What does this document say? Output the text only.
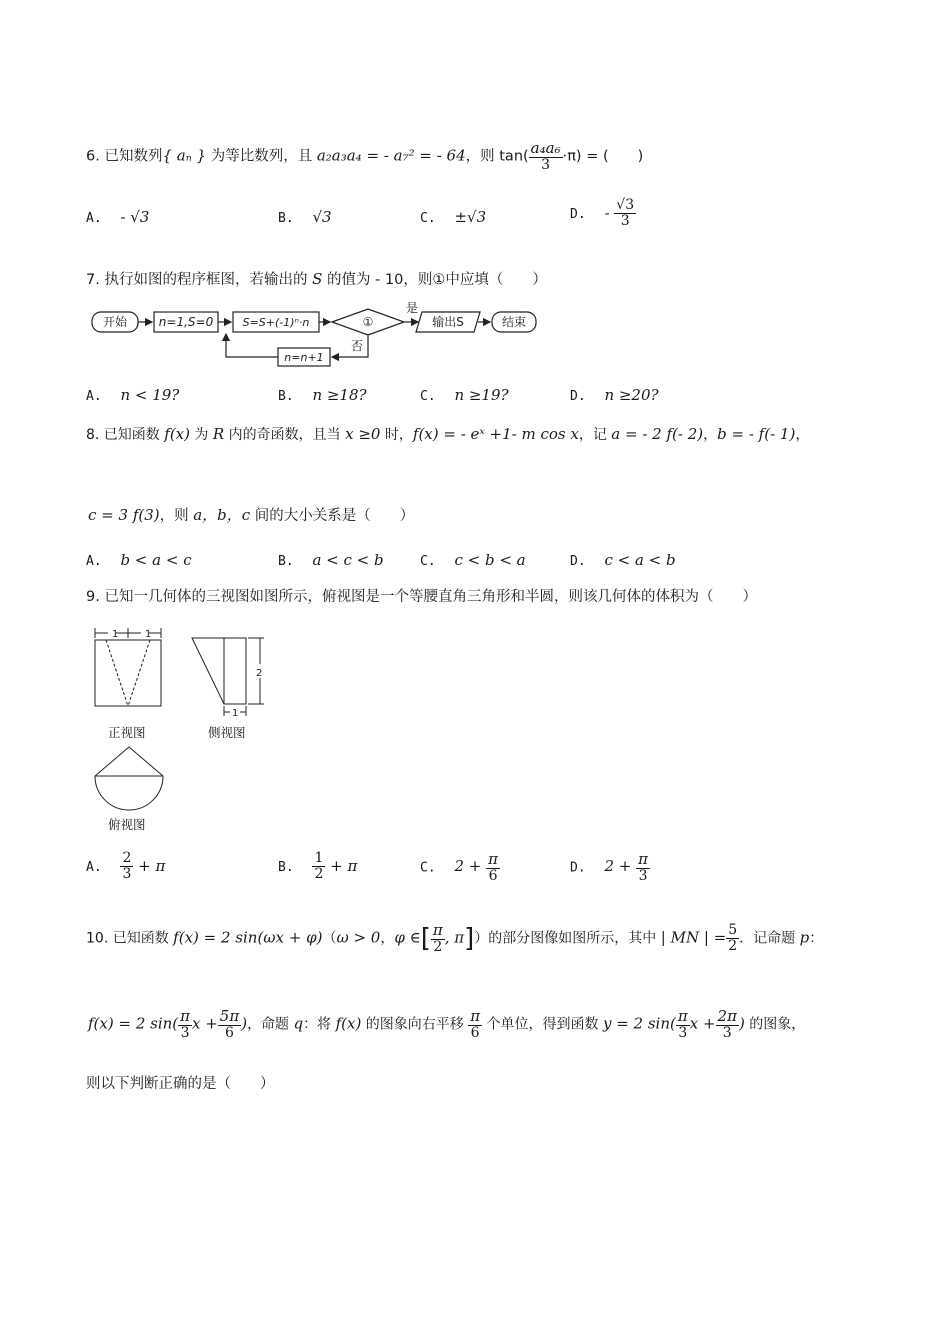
6. 已知数列{ aₙ } 为等比数列，且 a₂a₃a₄ = - a₇² = - 64，则 $\tan( \frac{\text{a₄a₆}}{3} \cdot\pi)$ = (　　)
A. - √3	B. √3	C. ±√3	D. - $\frac{√3}{3}$
7. 执行如图的程序框图，若输出的 S 的值为 - 10，则①中应填（　　）
开始	n=1,S=0	S=S+(-1)ⁿ·n	①
是
否
输出S	结束
n=n+1
A. n < 19?	B. n ≥18?	C. n ≥19?	D. n ≥20?
8. 已知函数 f(x) 为 R 内的奇函数，且当 x ≥0 时，f(x) = - eˣ +1- m cos x，记 a = - 2 f(- 2)，b = - f(- 1)，
c = 3 f(3)，则 a，b，c 间的大小关系是（　　）
A. b < a < c	B. a < c < b	C. c < b < a	D. c < a < b
9. 已知一几何体的三视图如图所示，俯视图是一个等腰直角三角形和半圆，则该几何体的体积为（　　）
1	1
正视图
2
1
侧视图
俯视图
A. $\frac{2}{3} + \pi$	B. $\frac{1}{2} + \pi$	C. $2 + \frac{\pi}{6}$	D. $2 + \frac{\pi}{3}$
10. 已知函数 f(x) = 2 sin(ωx + φ)（ω > 0，φ ∈[ $\frac{\pi}{2}$ , π]）的部分图像如图所示，其中 | MN | = $\frac{5}{2}$ ．记命题 p：
f(x) = 2 $\sin( \frac{\pi}{3}$ $x + \frac{5\pi}{6}$ )，命题 q：将 f(x) 的图象向右平移 $\frac{\pi}{6}$ 个单位，得到函数 y = 2 $\sin( \frac{\pi}{3}$ $x + \frac{2\pi}{3}$ ) 的图象，
则以下判断正确的是（　　）
